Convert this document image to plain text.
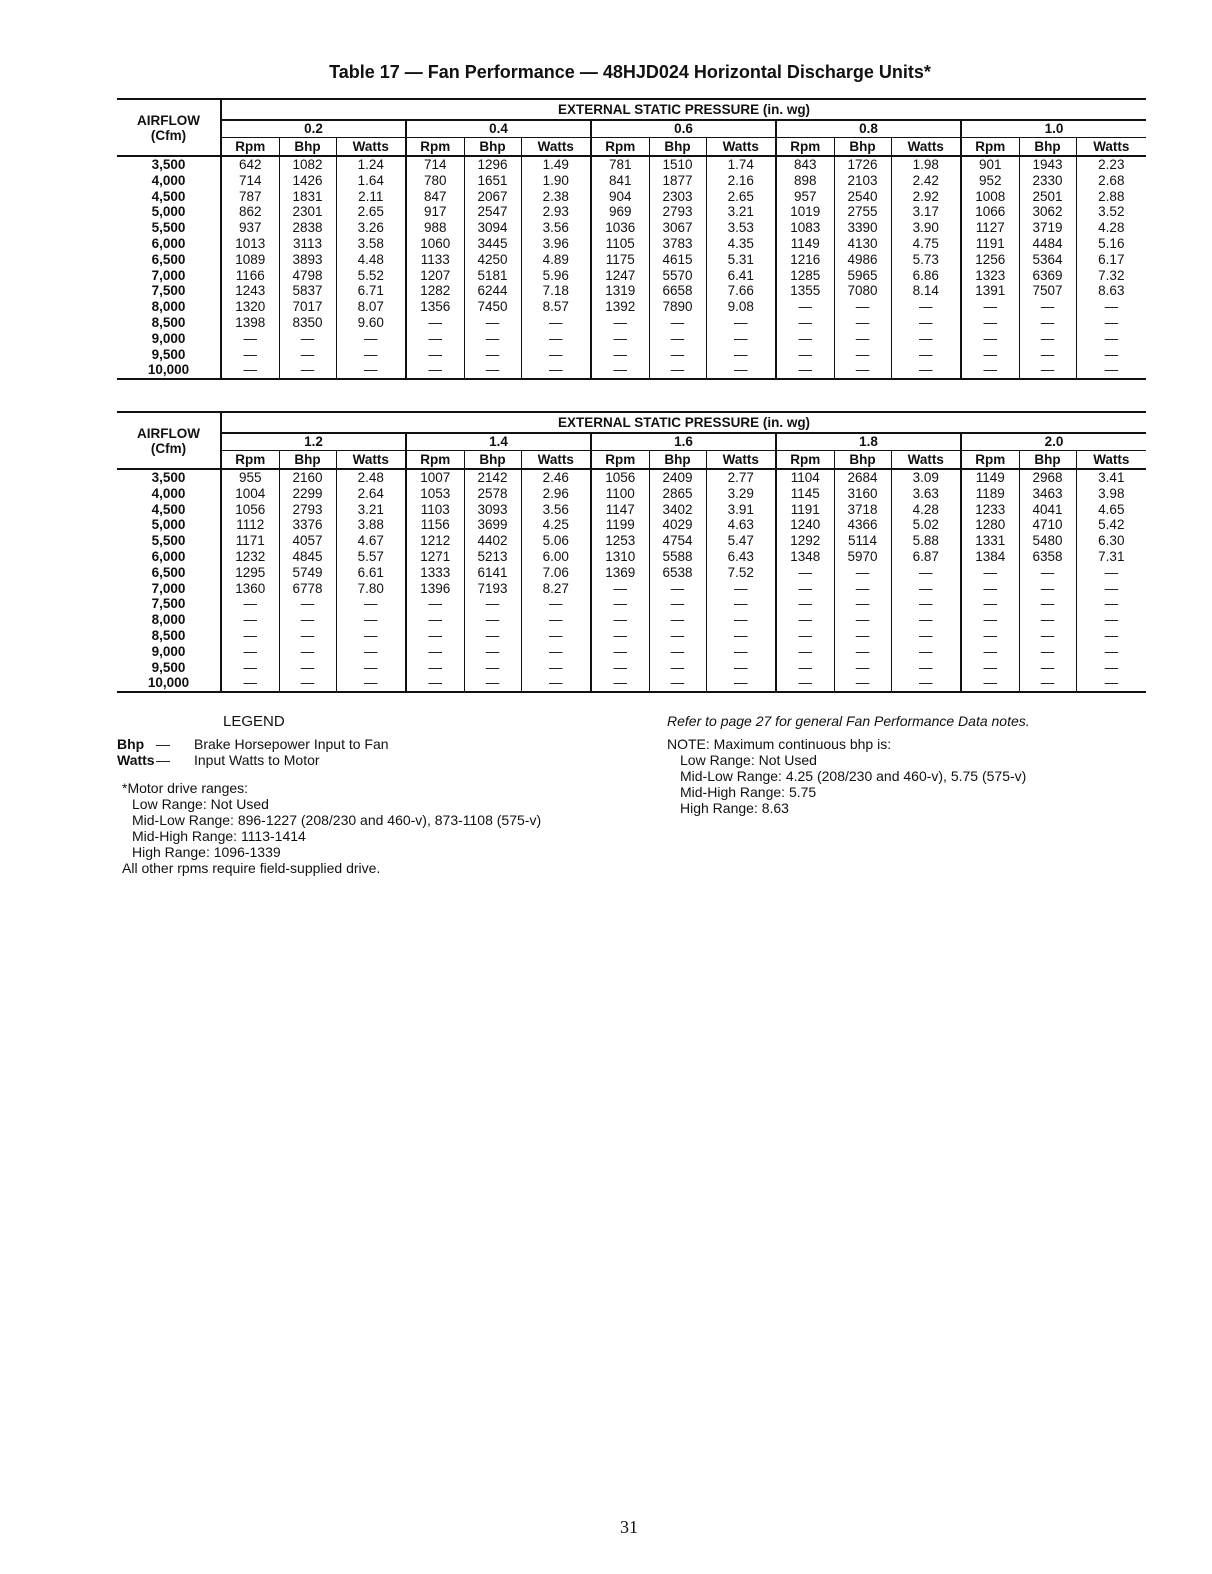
Table 17 — Fan Performance — 48HJD024 Horizontal Discharge Units*
AIRFLOW
(Cfm)	EXTERNAL STATIC PRESSURE (in. wg)														
	0.2			0.4			0.6			0.8			1.0		
	Rpm	Bhp	Watts	Rpm	Bhp	Watts	Rpm	Bhp	Watts	Rpm	Bhp	Watts	Rpm	Bhp	Watts
3,500	642	1082	1.24	714	1296	1.49	781	1510	1.74	843	1726	1.98	901	1943	2.23
4,000	714	1426	1.64	780	1651	1.90	841	1877	2.16	898	2103	2.42	952	2330	2.68
4,500	787	1831	2.11	847	2067	2.38	904	2303	2.65	957	2540	2.92	1008	2501	2.88
5,000	862	2301	2.65	917	2547	2.93	969	2793	3.21	1019	2755	3.17	1066	3062	3.52
5,500	937	2838	3.26	988	3094	3.56	1036	3067	3.53	1083	3390	3.90	1127	3719	4.28
6,000	1013	3113	3.58	1060	3445	3.96	1105	3783	4.35	1149	4130	4.75	1191	4484	5.16
6,500	1089	3893	4.48	1133	4250	4.89	1175	4615	5.31	1216	4986	5.73	1256	5364	6.17
7,000	1166	4798	5.52	1207	5181	5.96	1247	5570	6.41	1285	5965	6.86	1323	6369	7.32
7,500	1243	5837	6.71	1282	6244	7.18	1319	6658	7.66	1355	7080	8.14	1391	7507	8.63
8,000	1320	7017	8.07	1356	7450	8.57	1392	7890	9.08	—	—	—	—	—	—
8,500	1398	8350	9.60	—	—	—	—	—	—	—	—	—	—	—	—
9,000	—	—	—	—	—	—	—	—	—	—	—	—	—	—	—
9,500	—	—	—	—	—	—	—	—	—	—	—	—	—	—	—
10,000	—	—	—	—	—	—	—	—	—	—	—	—	—	—	—
AIRFLOW
(Cfm)	EXTERNAL STATIC PRESSURE (in. wg)														
	1.2			1.4			1.6			1.8			2.0		
	Rpm	Bhp	Watts	Rpm	Bhp	Watts	Rpm	Bhp	Watts	Rpm	Bhp	Watts	Rpm	Bhp	Watts
3,500	955	2160	2.48	1007	2142	2.46	1056	2409	2.77	1104	2684	3.09	1149	2968	3.41
4,000	1004	2299	2.64	1053	2578	2.96	1100	2865	3.29	1145	3160	3.63	1189	3463	3.98
4,500	1056	2793	3.21	1103	3093	3.56	1147	3402	3.91	1191	3718	4.28	1233	4041	4.65
5,000	1112	3376	3.88	1156	3699	4.25	1199	4029	4.63	1240	4366	5.02	1280	4710	5.42
5,500	1171	4057	4.67	1212	4402	5.06	1253	4754	5.47	1292	5114	5.88	1331	5480	6.30
6,000	1232	4845	5.57	1271	5213	6.00	1310	5588	6.43	1348	5970	6.87	1384	6358	7.31
6,500	1295	5749	6.61	1333	6141	7.06	1369	6538	7.52	—	—	—	—	—	—
7,000	1360	6778	7.80	1396	7193	8.27	—	—	—	—	—	—	—	—	—
7,500	—	—	—	—	—	—	—	—	—	—	—	—	—	—	—
8,000	—	—	—	—	—	—	—	—	—	—	—	—	—	—	—
8,500	—	—	—	—	—	—	—	—	—	—	—	—	—	—	—
9,000	—	—	—	—	—	—	—	—	—	—	—	—	—	—	—
9,500	—	—	—	—	—	—	—	—	—	—	—	—	—	—	—
10,000	—	—	—	—	—	—	—	—	—	—	—	—	—	—	—
LEGEND
Bhp — Brake Horsepower Input to Fan
Watts— Input Watts to Motor
*Motor drive ranges:
Low Range: Not Used
Mid-Low Range: 896-1227 (208/230 and 460-v), 873-1108 (575-v)
Mid-High Range: 1113-1414
High Range: 1096-1339
All other rpms require field-supplied drive.
Refer to page 27 for general Fan Performance Data notes.
NOTE: Maximum continuous bhp is:
Low Range: Not Used
Mid-Low Range: 4.25 (208/230 and 460-v), 5.75 (575-v)
Mid-High Range: 5.75
High Range: 8.63
31
